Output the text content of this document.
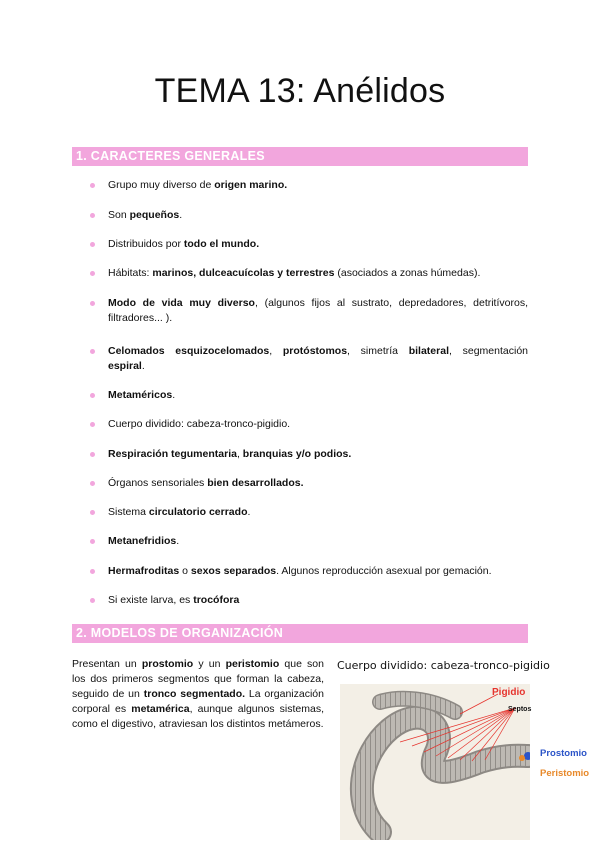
TEMA 13: Anélidos
1. CARACTERES GENERALES
Grupo muy diverso de origen marino.
Son pequeños.
Distribuidos por todo el mundo.
Hábitats: marinos, dulceacuícolas y terrestres (asociados a zonas húmedas).
Modo de vida muy diverso, (algunos fijos al sustrato, depredadores, detritívoros, filtradores... ).
Celomados esquizocelomados, protóstomos, simetría bilateral, segmentación espiral.
Metaméricos.
Cuerpo dividido: cabeza-tronco-pigidio.
Respiración tegumentaria, branquias y/o podios.
Órganos sensoriales bien desarrollados.
Sistema circulatorio cerrado.
Metanefridios.
Hermafroditas o sexos separados. Algunos reproducción asexual por gemación.
Si existe larva, es trocófora
2. MODELOS DE ORGANIZACIÓN

Presentan un prostomio y un peristomio que son los dos primeros segmentos que forman la cabeza, seguido de un tronco segmentado. La organización corporal es metamérica, aunque algunos sistemas, como el digestivo, atraviesan los distintos metámeros.

Cuerpo dividido: cabeza-tronco-pigidio
Pigidio
Septos
Prostomio
Peristomio
